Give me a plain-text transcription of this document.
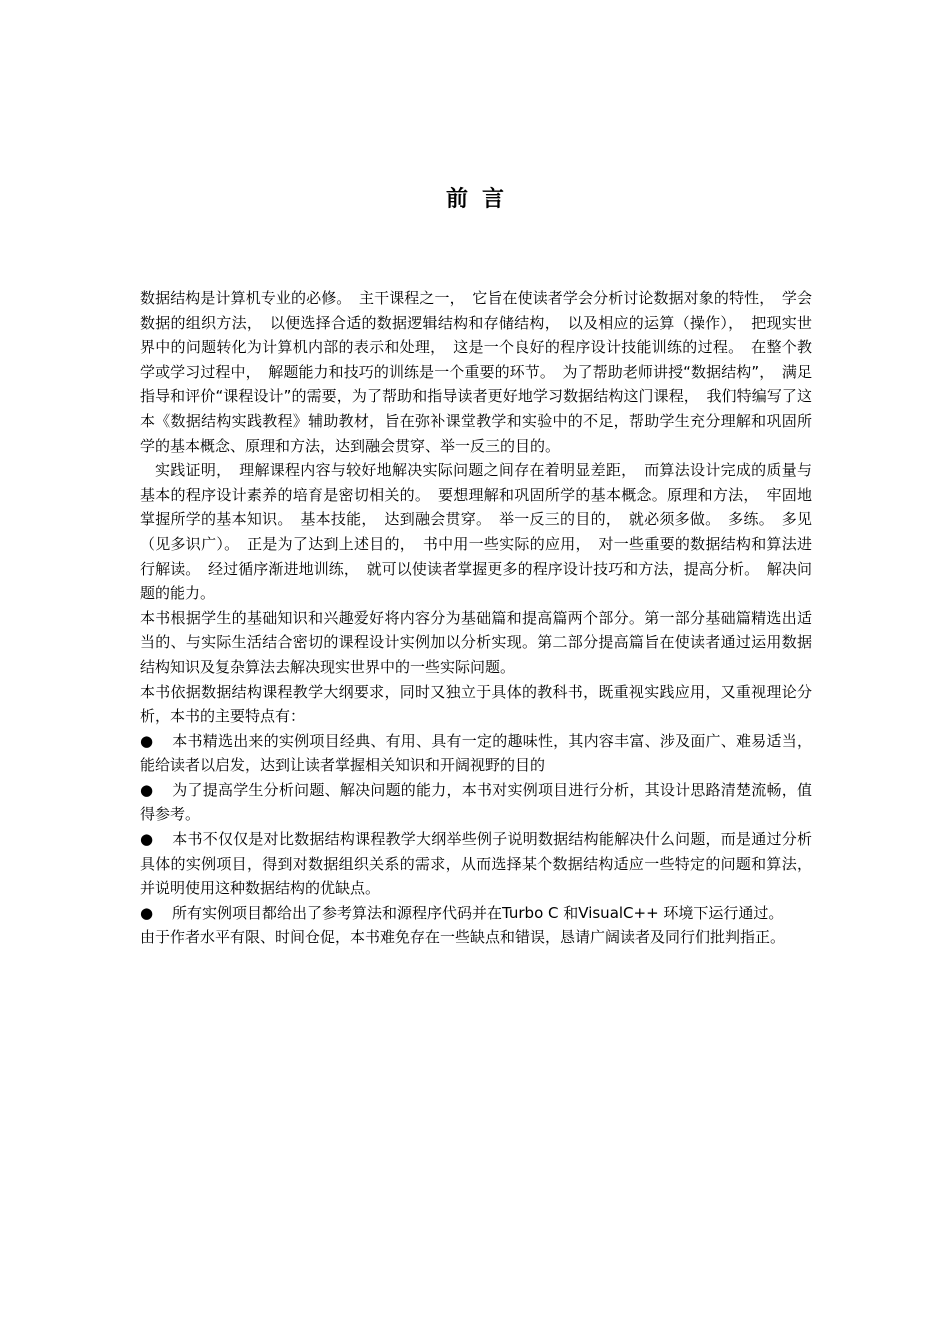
前言

数据结构是计算机专业的必修。　主干课程之一，　它旨在使读者学会分析讨论数据对象的特性，　学会数据的组织方法，　以便选择合适的数据逻辑结构和存储结构，　以及相应的运算（操作），　把现实世界中的问题转化为计算机内部的表示和处理，　这是一个良好的程序设计技能训练的过程。　在整个教学或学习过程中，　解题能力和技巧的训练是一个重要的环节。　为了帮助老师讲授“数据结构”，　满足指导和评价“课程设计”的需要，为了帮助和指导读者更好地学习数据结构这门课程，　我们特编写了这本《数据结构实践教程》辅助教材，旨在弥补课堂教学和实验中的不足，帮助学生充分理解和巩固所学的基本概念、原理和方法，达到融会贯穿、举一反三的目的。

实践证明，　理解课程内容与较好地解决实际问题之间存在着明显差距，　而算法设计完成的质量与基本的程序设计素养的培育是密切相关的。　要想理解和巩固所学的基本概念。原理和方法，　牢固地掌握所学的基本知识。　基本技能，　达到融会贯穿。　举一反三的目的，　就必须多做。　多练。　多见（见多识广）。　正是为了达到上述目的，　书中用一些实际的应用，　对一些重要的数据结构和算法进行解读。　经过循序渐进地训练，　就可以使读者掌握更多的程序设计技巧和方法，提高分析。　解决问题的能力。

本书根据学生的基础知识和兴趣爱好将内容分为基础篇和提高篇两个部分。第一部分基础篇精选出适当的、与实际生活结合密切的课程设计实例加以分析实现。第二部分提高篇旨在使读者通过运用数据结构知识及复杂算法去解决现实世界中的一些实际问题。

本书依据数据结构课程教学大纲要求，同时又独立于具体的教科书，既重视实践应用，又重视理论分析，本书的主要特点有：

● 本书精选出来的实例项目经典、有用、具有一定的趣味性，其内容丰富、涉及面广、难易适当，能给读者以启发，达到让读者掌握相关知识和开阔视野的目的

● 为了提高学生分析问题、解决问题的能力，本书对实例项目进行分析，其设计思路清楚流畅，值得参考。

● 本书不仅仅是对比数据结构课程教学大纲举些例子说明数据结构能解决什么问题，而是通过分析具体的实例项目，得到对数据组织关系的需求，从而选择某个数据结构适应一些特定的问题和算法，并说明使用这种数据结构的优缺点。

● 所有实例项目都给出了参考算法和源程序代码并在Turbo C 和VisualC++ 环境下运行通过。

由于作者水平有限、时间仓促，本书难免存在一些缺点和错误，恳请广阔读者及同行们批判指正。
